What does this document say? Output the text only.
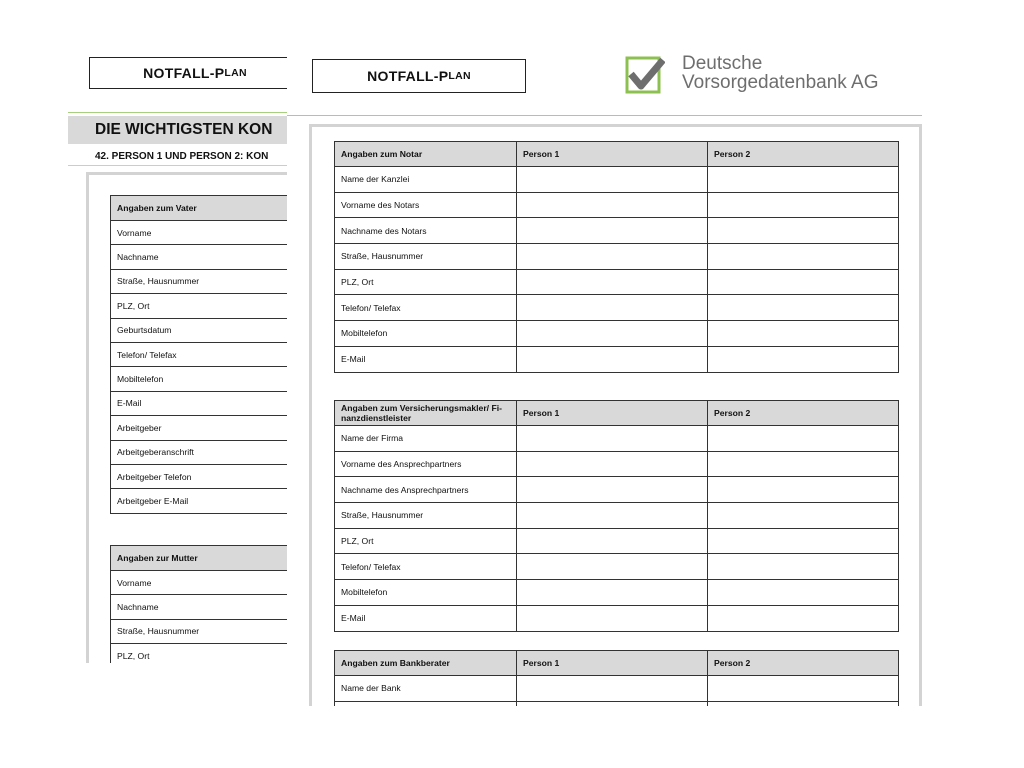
NOTFALL-P LAN
DIE WICHTIGSTEN KON
42. PERSON 1 UND PERSON 2: KON
Angaben zum Vater
Vorname
Nachname
Straße, Hausnummer
PLZ, Ort
Geburtsdatum
Telefon/ Telefax
Mobiltelefon
E-Mail
Arbeitgeber
Arbeitgeberanschrift
Arbeitgeber Telefon
Arbeitgeber E-Mail
Angaben zur Mutter
Vorname
Nachname
Straße, Hausnummer
PLZ, Ort
NOTFALL-P LAN
Deutsche
Vorsorgedatenbank AG
Angaben zum Notar	Person 1	Person 2
Name der Kanzlei		
Vorname des Notars		
Nachname des Notars		
Straße, Hausnummer		
PLZ, Ort		
Telefon/ Telefax		
Mobiltelefon		
E-Mail		
Angaben zum Versicherungsmakler/ Fi-nanzdienstleister	Person 1	Person 2
Name der Firma		
Vorname des Ansprechpartners		
Nachname des Ansprechpartners		
Straße, Hausnummer		
PLZ, Ort		
Telefon/ Telefax		
Mobiltelefon		
E-Mail		
Angaben zum Bankberater	Person 1	Person 2
Name der Bank		
